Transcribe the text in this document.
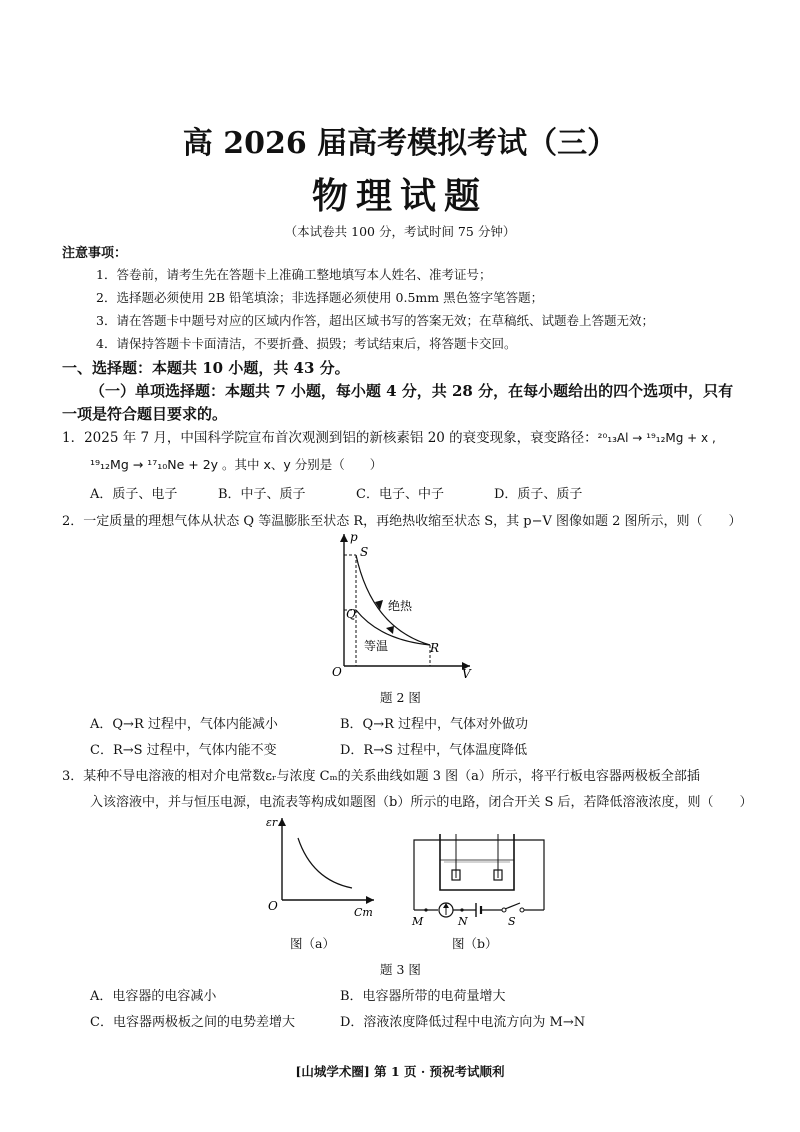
高 2026 届高考模拟考试（三）
物理试题
（本试卷共 100 分，考试时间 75 分钟）
注意事项：
1．答卷前，请考生先在答题卡上准确工整地填写本人姓名、准考证号；
2．选择题必须使用 2B 铅笔填涂；非选择题必须使用 0.5mm 黑色签字笔答题；
3．请在答题卡中题号对应的区域内作答，超出区域书写的答案无效；在草稿纸、试题卷上答题无效；
4．请保持答题卡卡面清洁，不要折叠、损毁；考试结束后，将答题卡交回。
一、选择题：本题共 10 小题，共 43 分。
（一）单项选择题：本题共 7 小题，每小题 4 分，共 28 分，在每小题给出的四个选项中，只有
一项是符合题目要求的。
1．2025 年 7 月，中国科学院宣布首次观测到铝的新核素铝 20 的衰变现象，衰变路径：²⁰₁₃Al → ¹⁹₁₂Mg + x ,
¹⁹₁₂Mg → ¹⁷₁₀Ne + 2y 。其中 x、y 分别是（　　）
A．质子、电子	B．中子、质子	C．电子、中子	D．质子、质子
2．一定质量的理想气体从状态 Q 等温膨胀至状态 R，再绝热收缩至状态 S，其 p−V 图像如题 2 图所示，则（　　）
p
V
O
S
Q
R
绝热
等温
题 2 图
A．Q→R 过程中，气体内能减小	B．Q→R 过程中，气体对外做功
C．R→S 过程中，气体内能不变	D．R→S 过程中，气体温度降低
3．某种不导电溶液的相对介电常数εᵣ与浓度 Cₘ的关系曲线如题 3 图（a）所示，将平行板电容器两极板全部插
入该溶液中，并与恒压电源，电流表等构成如题图（b）所示的电路，闭合开关 S 后，若降低溶液浓度，则（　　）
εr
Cm
O
M	N	S
图（a）	图（b）
题 3 图
A．电容器的电容减小	B．电容器所带的电荷量增大
C．电容器两极板之间的电势差增大	D．溶液浓度降低过程中电流方向为 M→N
[山城学术圈] 第 1 页 · 预祝考试顺利
